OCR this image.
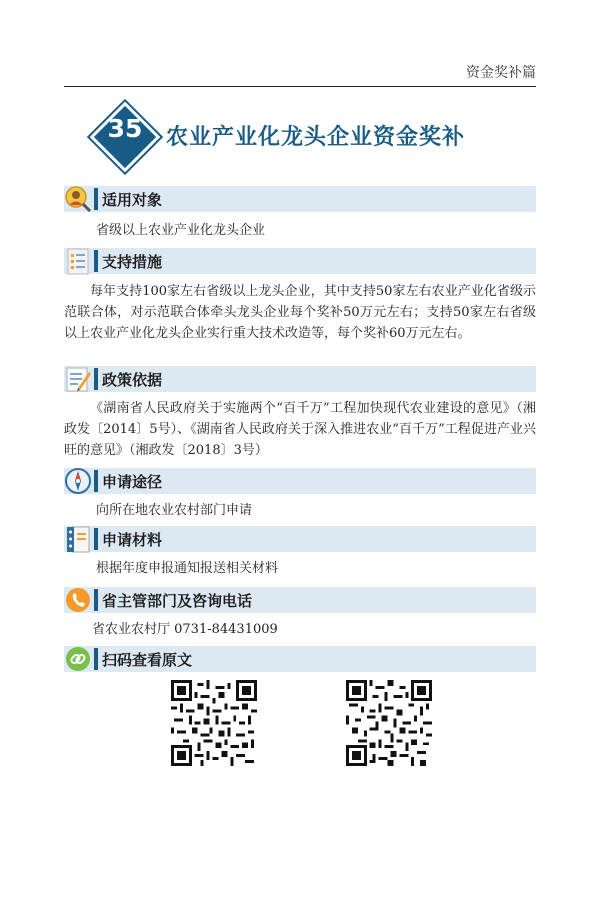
资金奖补篇
35	农业产业化龙头企业资金奖补
适用对象
省级以上农业产业化龙头企业
支持措施
每年支持100家左右省级以上龙头企业，其中支持50家左右农业产业化省级示范联合体，对示范联合体牵头龙头企业每个奖补50万元左右；支持50家左右省级以上农业产业化龙头企业实行重大技术改造等，每个奖补60万元左右。
政策依据
《湖南省人民政府关于实施两个“百千万”工程加快现代农业建设的意见》（湘政发〔2014〕5号）、《湖南省人民政府关于深入推进农业“百千万”工程促进产业兴旺的意见》（湘政发〔2018〕3号）
申请途径
向所在地农业农村部门申请
申请材料
根据年度申报通知报送相关材料
省主管部门及咨询电话
省农业农村厅 0731-84431009
扫码查看原文
